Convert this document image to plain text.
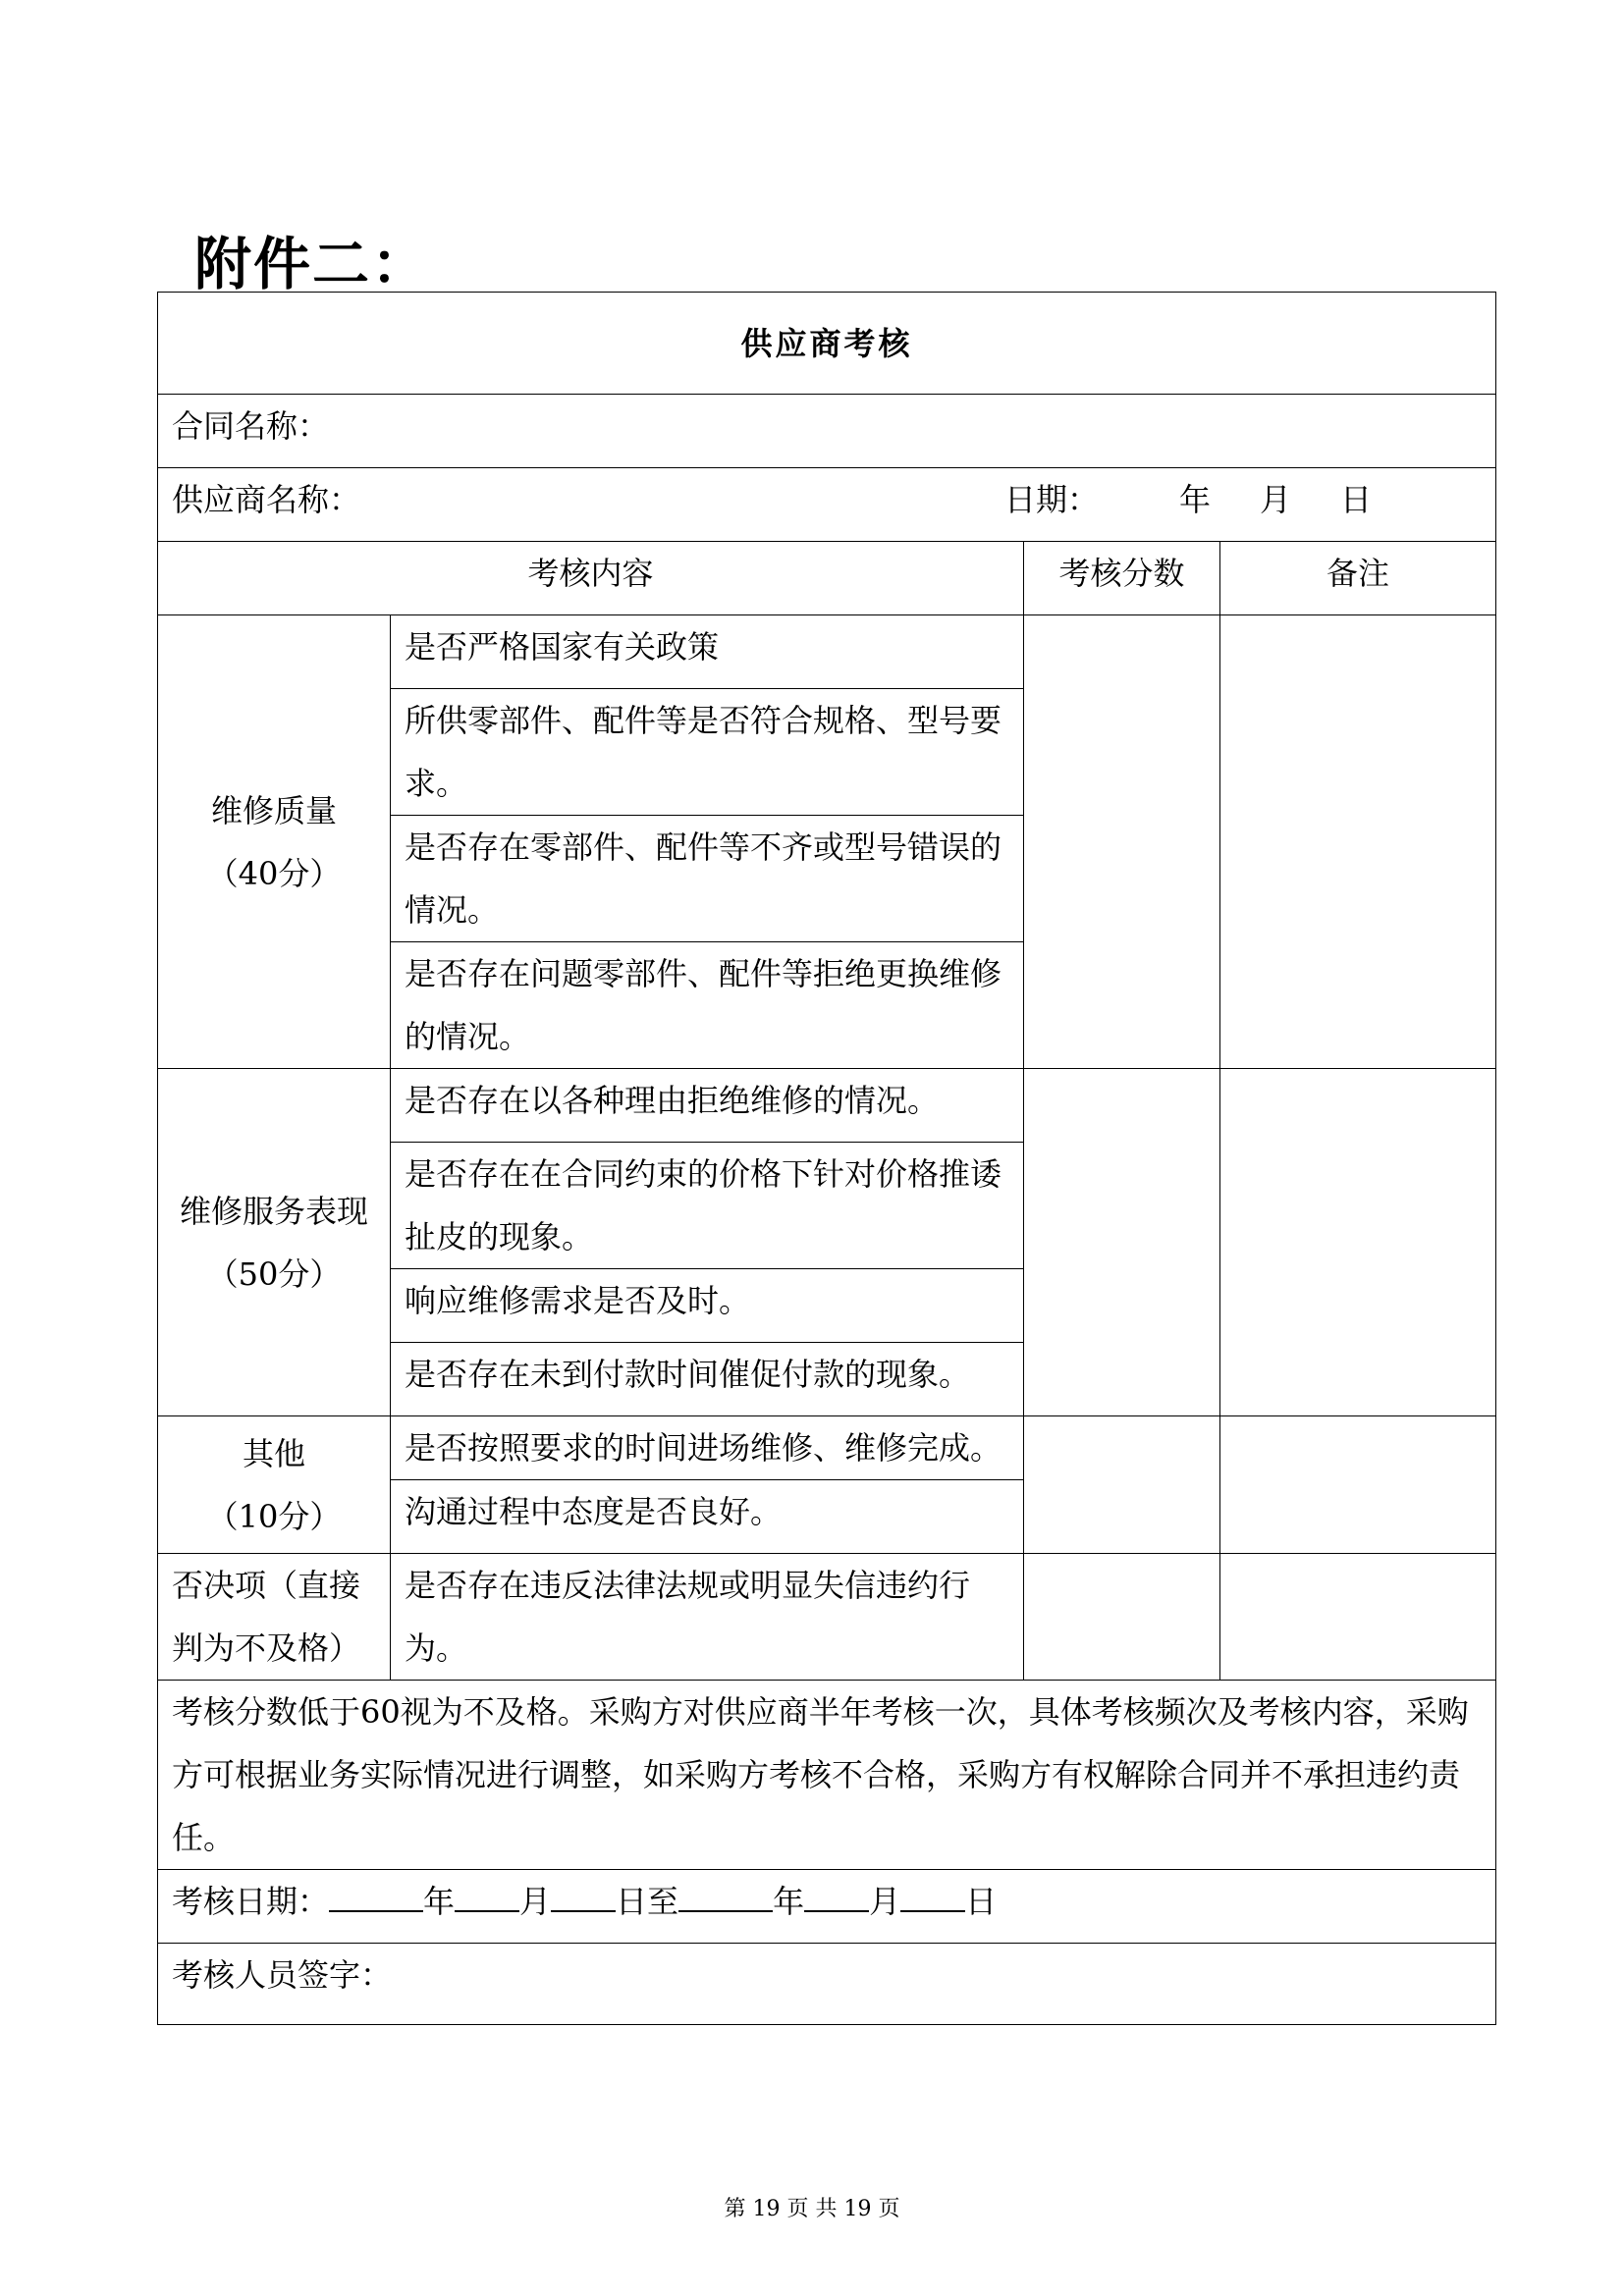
附件二：
供应商考核			
合同名称：			
供应商名称： 日期： 年 月 日			

考核内容		考核分数	备注

维修质量
（40分）	是否严格国家有关政策		
	所供零部件、配件等是否符合规格、型号要求。		
	是否存在零部件、配件等不齐或型号错误的情况。		
	是否存在问题零部件、配件等拒绝更换维修的情况。		

维修服务表现
（50分）	是否存在以各种理由拒绝维修的情况。		
	是否存在在合同约束的价格下针对价格推诿扯皮的现象。		
	响应维修需求是否及时。		
	是否存在未到付款时间催促付款的现象。		

其他
（10分）	是否按照要求的时间进场维修、维修完成。		
	沟通过程中态度是否良好。		
否决项（直接判为不及格）	是否存在违反法律法规或明显失信违约行为。		
考核分数低于60视为不及格。采购方对供应商半年考核一次，具体考核频次及考核内容，采购方可根据业务实际情况进行调整，如采购方考核不合格，采购方有权解除合同并不承担违约责任。			
考核日期： 年 月 日至 年 月 日			
考核人员签字：			
第 19 页 共 19 页
